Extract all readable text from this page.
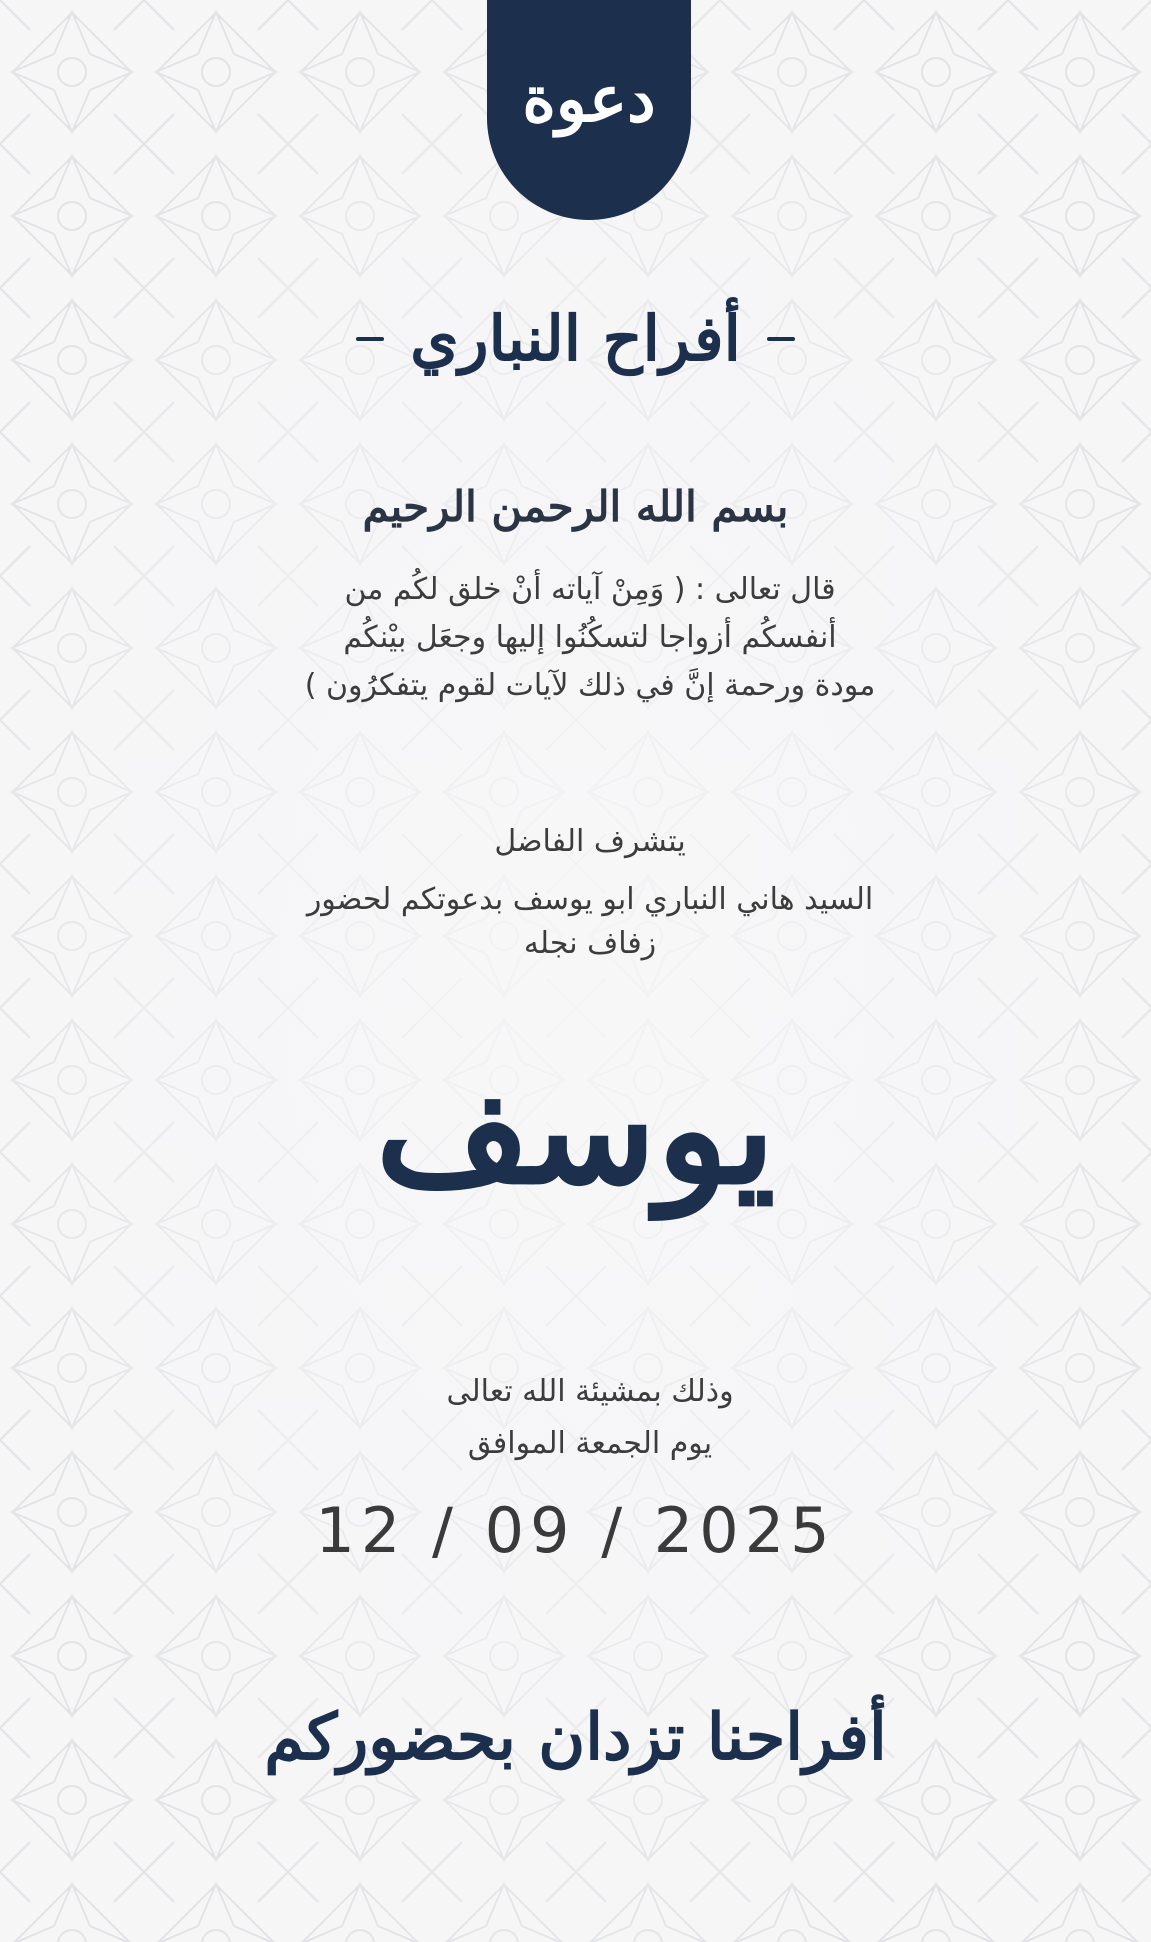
دعوة
أفراح النباري
بسم الله الرحمن الرحيم
قال تعالى : ( وَمِنْ آياته أنْ خلق لكُم من
أنفسكُم أزواجا لتسكُنُوا إليها وجعَل بيْنكُم
مودة ورحمة إنَّ في ذلك لآيات لقوم يتفكرُون )
يتشرف الفاضل
السيد هاني النباري ابو يوسف بدعوتكم لحضور
زفاف نجله
يوسف
وذلك بمشيئة الله تعالى
يوم الجمعة الموافق
12 / 09 / 2025
أفراحنا تزدان بحضوركم
